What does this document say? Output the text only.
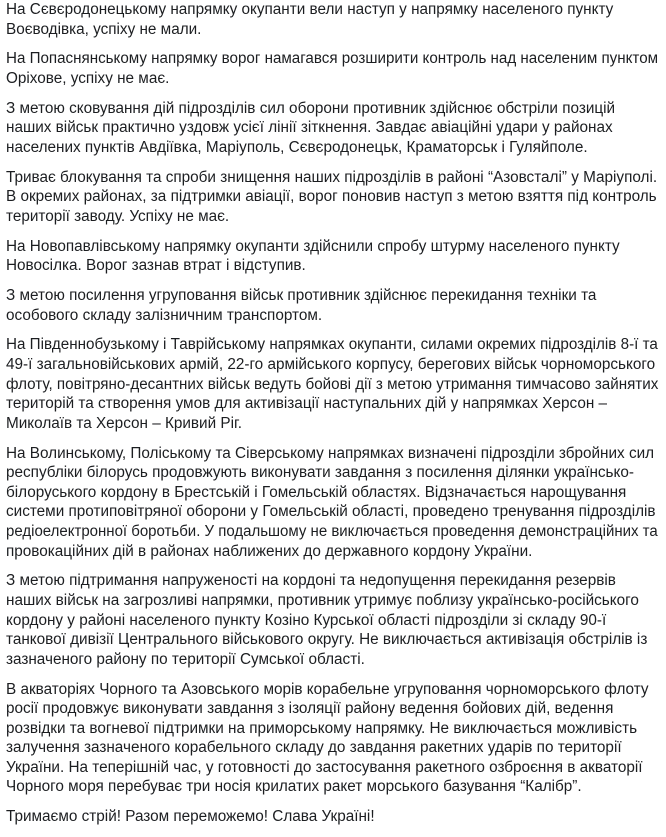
На Сєвєродонецькому напрямку окупанти вели наступ у напрямку населеного пункту
Воєводівка, успіху не мали.
На Попаснянському напрямку ворог намагався розширити контроль над населеним пунктом
Оріхове, успіху не має.
З метою сковування дій підрозділів сил оборони противник здійснює обстріли позицій
наших військ практично уздовж усієї лінії зіткнення. Завдає авіаційні удари у районах
населених пунктів Авдіївка, Маріуполь, Сєвєродонецьк, Краматорськ і Гуляйполе.
Триває блокування та спроби знищення наших підрозділів в районі “Азовсталі” у Маріуполі.
В окремих районах, за підтримки авіації, ворог поновив наступ з метою взяття під контроль
території заводу. Успіху не має.
На Новопавлівському напрямку окупанти здійснили спробу штурму населеного пункту
Новосілка. Ворог зазнав втрат і відступив.
З метою посилення угруповання військ противник здійснює перекидання техніки та
особового складу залізничним транспортом.
На Південнобузькому і Таврійському напрямках окупанти, силами окремих підрозділів 8-ї та
49-ї загальновійськових армій, 22-го армійського корпусу, берегових військ чорноморського
флоту, повітряно-десантних військ ведуть бойові дії з метою утримання тимчасово зайнятих
територій та створення умов для активізації наступальних дій у напрямках Херсон –
Миколаїв та Херсон – Кривий Ріг.
На Волинському, Поліському та Сіверському напрямках визначені підрозділи збройних сил
республіки білорусь продовжують виконувати завдання з посилення ділянки українсько-
білоруського кордону в Брестській і Гомельській областях. Відзначається нарощування
системи протиповітряної оборони у Гомельській області, проведено тренування підрозділів
редіоелектронної боротьби. У подальшому не виключається проведення демонстраційних та
провокаційних дій в районах наближених до державного кордону України.
З метою підтримання напруженості на кордоні та недопущення перекидання резервів
наших військ на загрозливі напрямки, противник утримує поблизу українсько-російського
кордону у районі населеного пункту Козіно Курської області підрозділи зі складу 90-ї
танкової дивізії Центрального військового округу. Не виключається активізація обстрілів із
зазначеного району по території Сумської області.
В акваторіях Чорного та Азовського морів корабельне угруповання чорноморського флоту
росії продовжує виконувати завдання з ізоляції району ведення бойових дій, ведення
розвідки та вогневої підтримки на приморському напрямку. Не виключається можливість
залучення зазначеного корабельного складу до завдання ракетних ударів по території
України. На теперішній час, у готовності до застосування ракетного озброєння в акваторії
Чорного моря перебуває три носія крилатих ракет морського базування “Калібр”.
Тримаємо стрій! Разом переможемо! Слава Україні!
